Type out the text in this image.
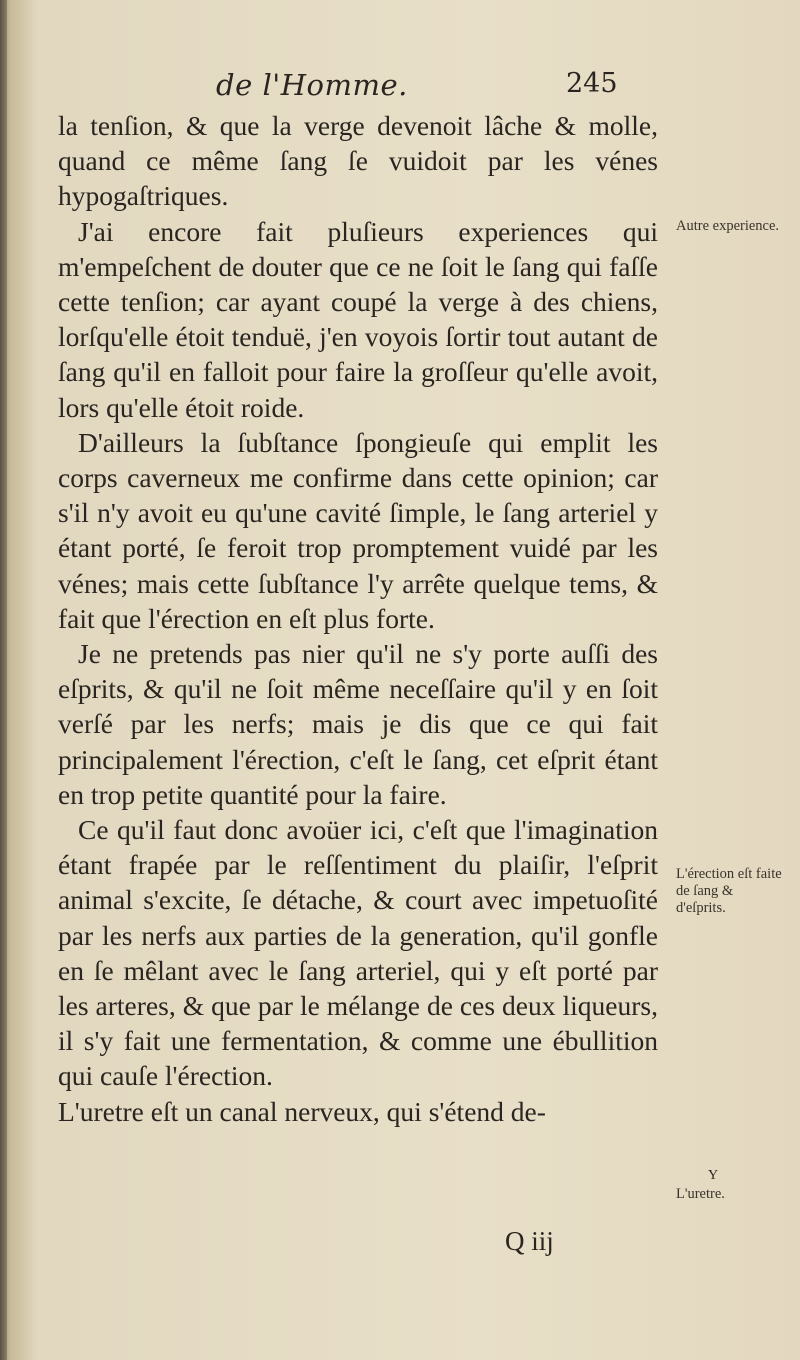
de l'Homme.	245

la tenſion, & que la verge devenoit lâche & molle, quand ce même ſang ſe vuidoit par les vénes hypogaſtriques.

J'ai encore fait pluſieurs experiences qui m'empeſchent de douter que ce ne ſoit le ſang qui faſſe cette tenſion; car ayant coupé la verge à des chiens, lorſqu'elle étoit tenduë, j'en voyois ſortir tout autant de ſang qu'il en falloit pour faire la groſſeur qu'elle avoit, lors qu'elle étoit roide.

D'ailleurs la ſubſtance ſpongieuſe qui emplit les corps caverneux me confirme dans cette opinion; car s'il n'y avoit eu qu'une cavité ſimple, le ſang arteriel y étant porté, ſe feroit trop promptement vuidé par les vénes; mais cette ſubſtance l'y arrête quelque tems, & fait que l'érection en eſt plus forte.

Je ne pretends pas nier qu'il ne s'y porte auſſi des eſprits, & qu'il ne ſoit même neceſſaire qu'il y en ſoit verſé par les nerfs; mais je dis que ce qui fait principalement l'érection, c'eſt le ſang, cet eſprit étant en trop petite quantité pour la faire.

Ce qu'il faut donc avoüer ici, c'eſt que l'imagination étant frapée par le reſſentiment du plaiſir, l'eſprit animal s'excite, ſe détache, & court avec impetuoſité par les nerfs aux parties de la generation, qu'il gonfle en ſe mêlant avec le ſang arteriel, qui y eſt porté par les arteres, & que par le mélange de ces deux liqueurs, il s'y fait une fermentation, & comme une ébullition qui cauſe l'érection.

L'uretre eſt un canal nerveux, qui s'étend de-

Autre experience.
L'érection eſt faite de ſang & d'eſprits.
L'uretre.
Y
Q iij
